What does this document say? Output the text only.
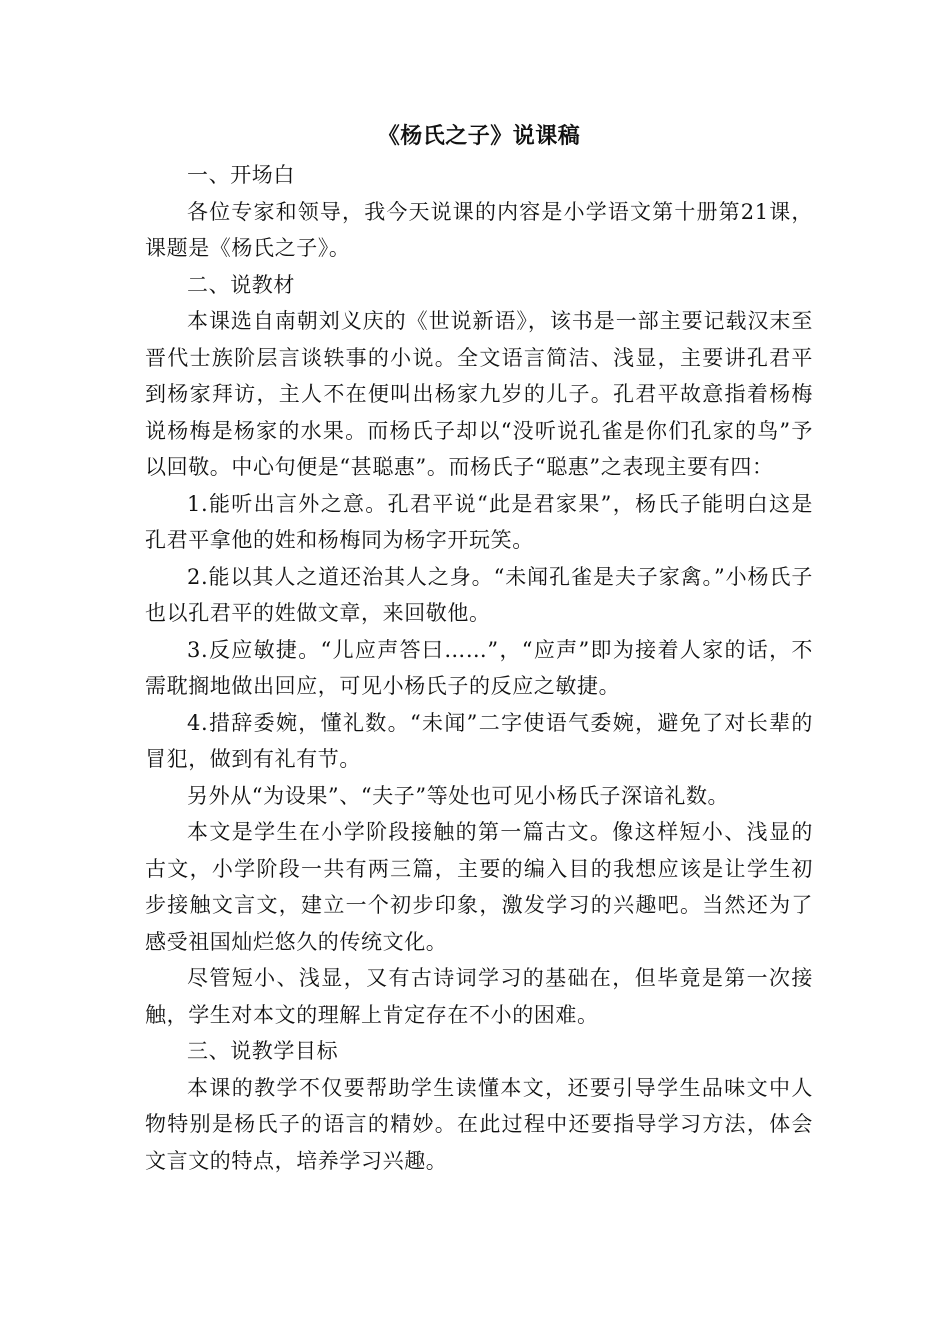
《杨氏之子》说课稿

一、开场白

各位专家和领导，我今天说课的内容是小学语文第十册第21课，课题是《杨氏之子》。

二、说教材

本课选自南朝刘义庆的《世说新语》，该书是一部主要记载汉末至晋代士族阶层言谈轶事的小说。全文语言简洁、浅显，主要讲孔君平到杨家拜访，主人不在便叫出杨家九岁的儿子。孔君平故意指着杨梅说杨梅是杨家的水果。而杨氏子却以“没听说孔雀是你们孔家的鸟”予以回敬。中心句便是“甚聪惠”。而杨氏子“聪惠”之表现主要有四：

1.能听出言外之意。孔君平说“此是君家果”，杨氏子能明白这是孔君平拿他的姓和杨梅同为杨字开玩笑。

2.能以其人之道还治其人之身。“未闻孔雀是夫子家禽。”小杨氏子也以孔君平的姓做文章，来回敬他。

3.反应敏捷。“儿应声答曰……”，“应声”即为接着人家的话，不需耽搁地做出回应，可见小杨氏子的反应之敏捷。

4.措辞委婉，懂礼数。“未闻”二字使语气委婉，避免了对长辈的冒犯，做到有礼有节。

另外从“为设果”、“夫子”等处也可见小杨氏子深谙礼数。

本文是学生在小学阶段接触的第一篇古文。像这样短小、浅显的古文，小学阶段一共有两三篇，主要的编入目的我想应该是让学生初步接触文言文，建立一个初步印象，激发学习的兴趣吧。当然还为了感受祖国灿烂悠久的传统文化。

尽管短小、浅显，又有古诗词学习的基础在，但毕竟是第一次接触，学生对本文的理解上肯定存在不小的困难。

三、说教学目标

本课的教学不仅要帮助学生读懂本文，还要引导学生品味文中人物特别是杨氏子的语言的精妙。在此过程中还要指导学习方法，体会文言文的特点，培养学习兴趣。
